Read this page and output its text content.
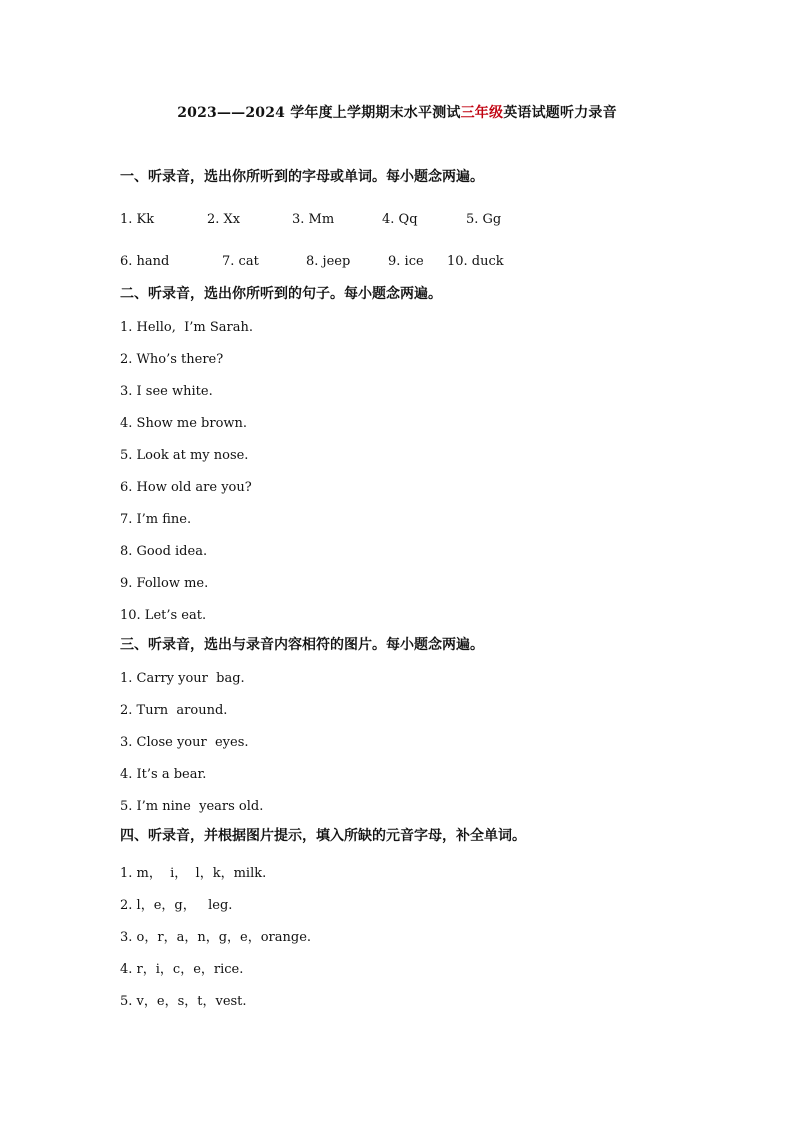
2023——2024 学年度上学期期末水平测试三年级英语试题听力录音
一、听录音，选出你所听到的字母或单词。每小题念两遍。
1. Kk	2. Xx	3. Mm	4. Qq	5. Gg
6. hand	7. cat	8. jeep	9. ice 10. duck
二、听录音，选出你所听到的句子。每小题念两遍。
1. Hello,  I’m Sarah.
2. Who’s there?
3. I see white.
4. Show me brown.
5. Look at my nose.
6. How old are you?
7. I’m fine.
8. Good idea.
9. Follow me.
10. Let’s eat.
三、听录音，选出与录音内容相符的图片。每小题念两遍。
1. Carry your  bag.
2. Turn  around.
3. Close your  eyes.
4. It’s a bear.
5. I’m nine  years old.
四、听录音，并根据图片提示，填入所缺的元音字母，补全单词。
1. m，  i，  l，k，milk.
2. l，e，g，   leg.
3. o，r，a，n，g，e，orange.
4. r，i，c，e，rice.
5. v，e，s，t，vest.
